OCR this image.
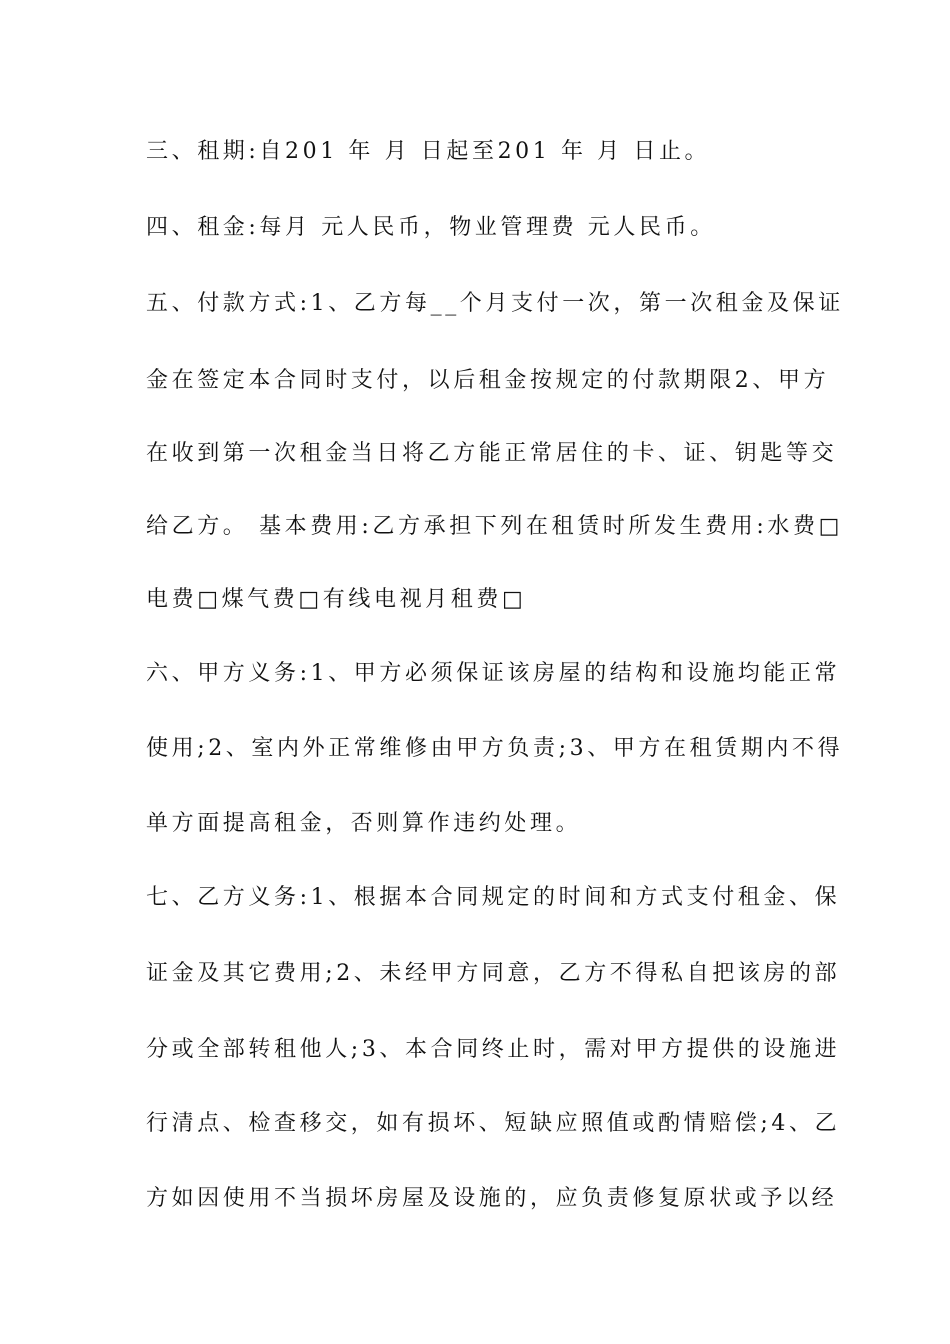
三、租期:自201 年 月 日起至201 年 月 日止。
四、租金:每月 元人民币，物业管理费 元人民币。
五、付款方式:1、乙方每__个月支付一次，第一次租金及保证
金在签定本合同时支付，以后租金按规定的付款期限2、甲方
在收到第一次租金当日将乙方能正常居住的卡、证、钥匙等交
给乙方。 基本费用:乙方承担下列在租赁时所发生费用:水费□
电费□煤气费□有线电视月租费□
六、甲方义务:1、甲方必须保证该房屋的结构和设施均能正常
使用;2、室内外正常维修由甲方负责;3、甲方在租赁期内不得
单方面提高租金，否则算作违约处理。
七、乙方义务:1、根据本合同规定的时间和方式支付租金、保
证金及其它费用;2、未经甲方同意，乙方不得私自把该房的部
分或全部转租他人;3、本合同终止时，需对甲方提供的设施进
行清点、检查移交，如有损坏、短缺应照值或酌情赔偿;4、乙
方如因使用不当损坏房屋及设施的，应负责修复原状或予以经
